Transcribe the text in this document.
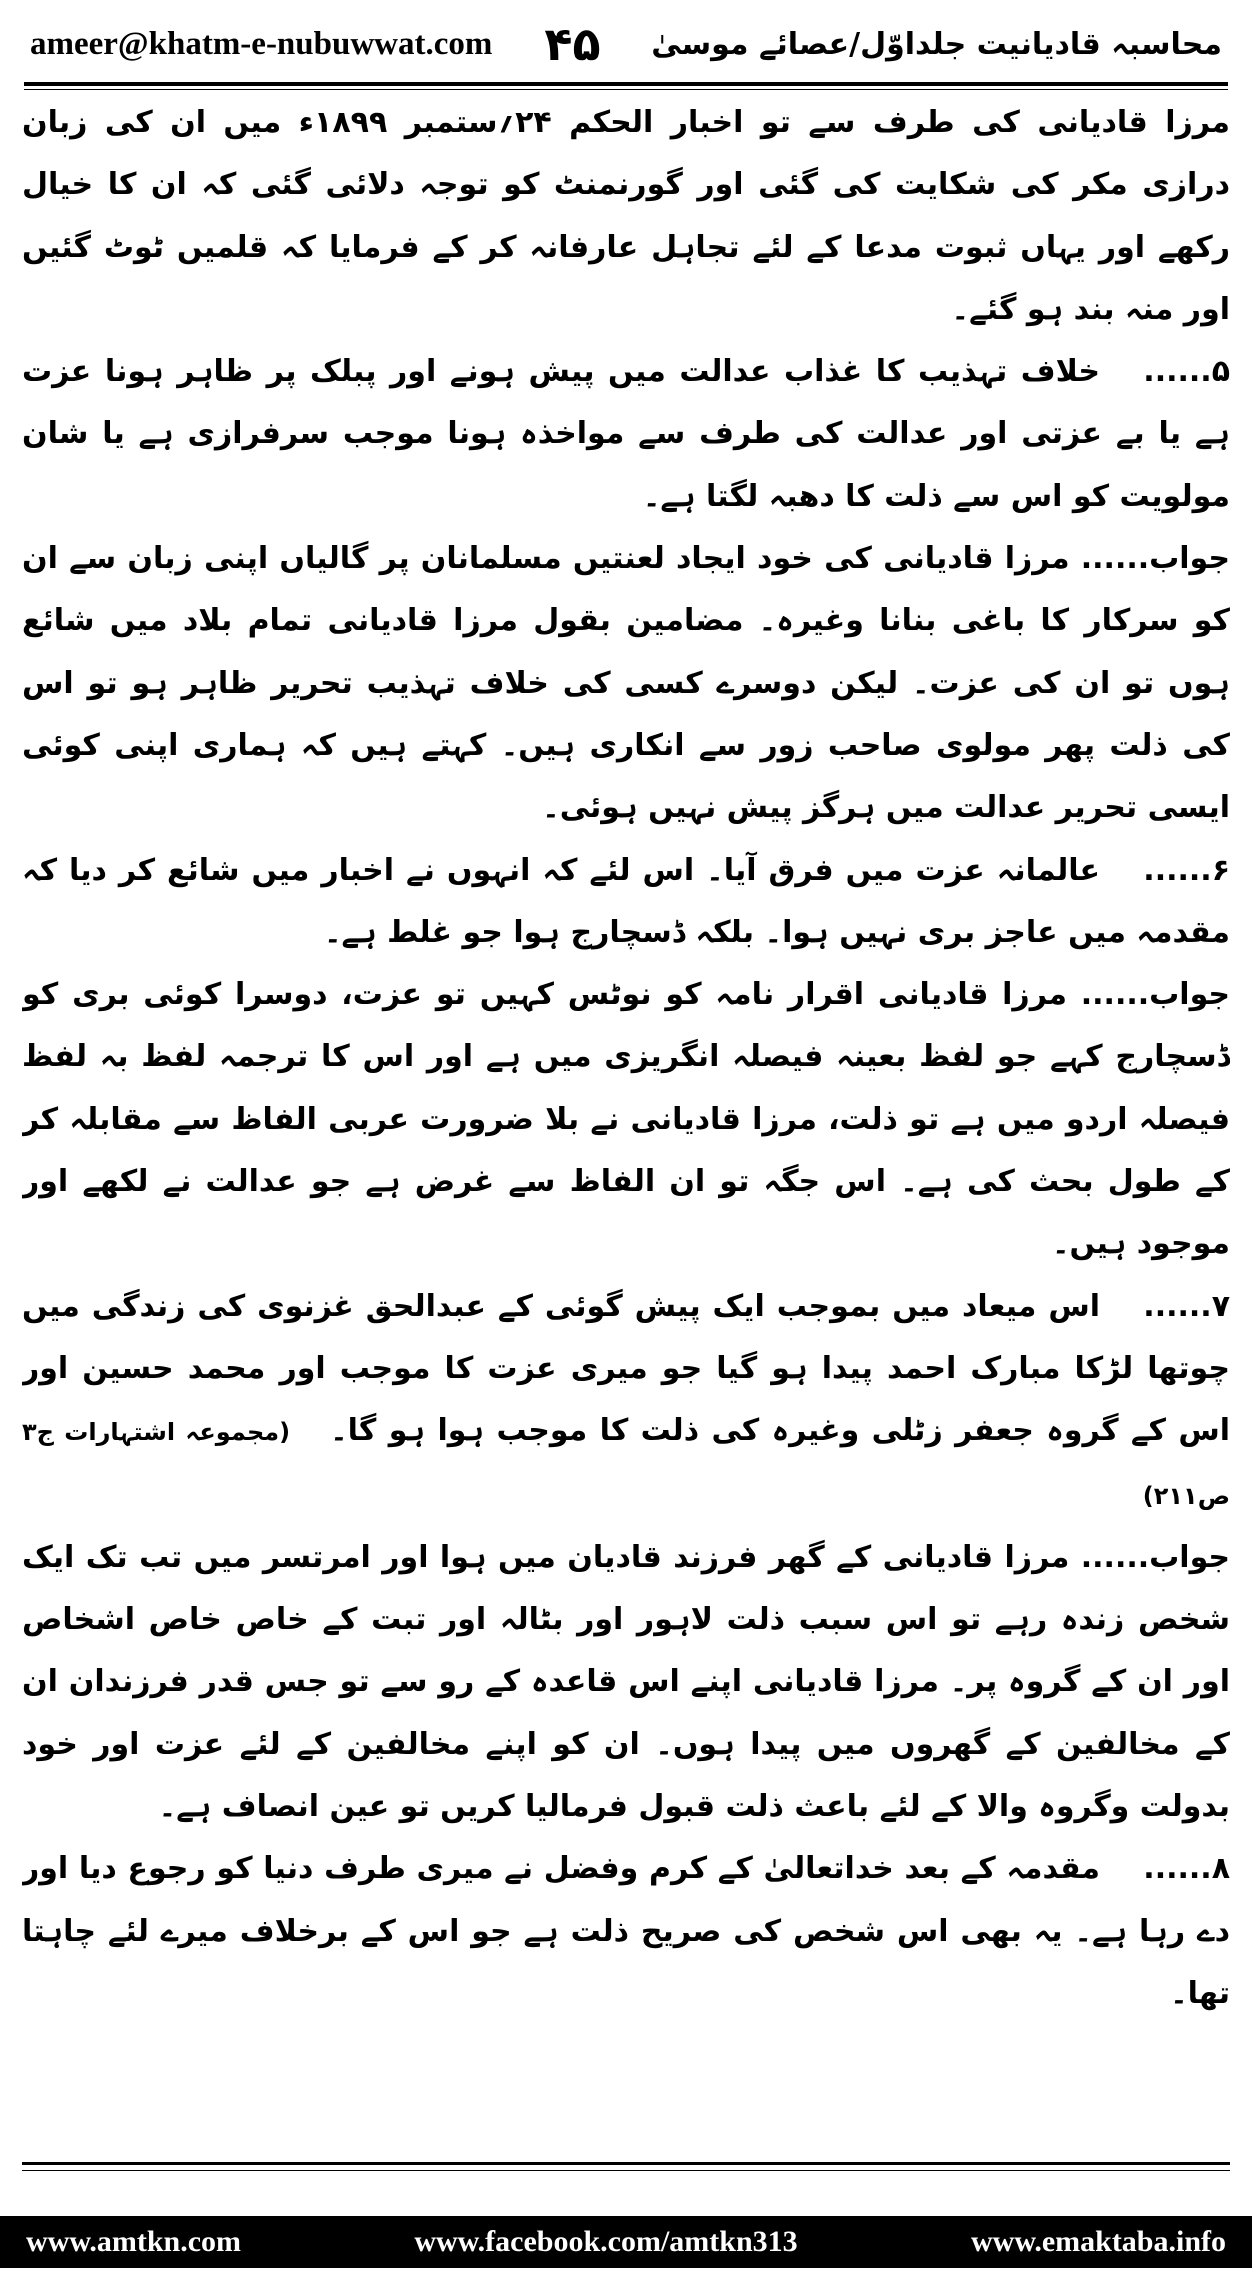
ameer@khatm-e-nubuwwat.com ۴۵ محاسبہ قادیانیت جلداوّل/عصائے موسیٰ

مرزا قادیانی کی طرف سے تو اخبار الحکم ۲۴؍ستمبر ۱۸۹۹ء میں ان کی زبان درازی مکر کی شکایت کی گئی اور گورنمنٹ کو توجہ دلائی گئی کہ ان کا خیال رکھے اور یہاں ثبوت مدعا کے لئے تجاہل عارفانہ کر کے فرمایا کہ قلمیں ٹوٹ گئیں اور منہ بند ہو گئے۔

۵......خلاف تہذیب کا غذاب عدالت میں پیش ہونے اور پبلک پر ظاہر ہونا عزت ہے یا بے عزتی اور عدالت کی طرف سے مواخذہ ہونا موجب سرفرازی ہے یا شان مولویت کو اس سے ذلت کا دھبہ لگتا ہے۔

جواب...... مرزا قادیانی کی خود ایجاد لعنتیں مسلمانان پر گالیاں اپنی زبان سے ان کو سرکار کا باغی بنانا وغیرہ۔ مضامین بقول مرزا قادیانی تمام بلاد میں شائع ہوں تو ان کی عزت۔ لیکن دوسرے کسی کی خلاف تہذیب تحریر ظاہر ہو تو اس کی ذلت پھر مولوی صاحب زور سے انکاری ہیں۔ کہتے ہیں کہ ہماری اپنی کوئی ایسی تحریر عدالت میں ہرگز پیش نہیں ہوئی۔

۶......عالمانہ عزت میں فرق آیا۔ اس لئے کہ انہوں نے اخبار میں شائع کر دیا کہ مقدمہ میں عاجز بری نہیں ہوا۔ بلکہ ڈسچارج ہوا جو غلط ہے۔

جواب...... مرزا قادیانی اقرار نامہ کو نوٹس کہیں تو عزت، دوسرا کوئی بری کو ڈسچارج کہے جو لفظ بعینہ فیصلہ انگریزی میں ہے اور اس کا ترجمہ لفظ بہ لفظ فیصلہ اردو میں ہے تو ذلت، مرزا قادیانی نے بلا ضرورت عربی الفاظ سے مقابلہ کر کے طول بحث کی ہے۔ اس جگہ تو ان الفاظ سے غرض ہے جو عدالت نے لکھے اور موجود ہیں۔

۷......اس میعاد میں بموجب ایک پیش گوئی کے عبدالحق غزنوی کی زندگی میں چوتھا لڑکا مبارک احمد پیدا ہو گیا جو میری عزت کا موجب اور محمد حسین اور اس کے گروہ جعفر زٹلی وغیرہ کی ذلت کا موجب ہوا ہو گا۔(مجموعہ اشتہارات ج۳ ص۲۱۱)

جواب...... مرزا قادیانی کے گھر فرزند قادیان میں ہوا اور امرتسر میں تب تک ایک شخص زندہ رہے تو اس سبب ذلت لاہور اور بٹالہ اور تبت کے خاص خاص اشخاص اور ان کے گروہ پر۔ مرزا قادیانی اپنے اس قاعدہ کے رو سے تو جس قدر فرزندان ان کے مخالفین کے گھروں میں پیدا ہوں۔ ان کو اپنے مخالفین کے لئے عزت اور خود بدولت وگروہ والا کے لئے باعث ذلت قبول فرمالیا کریں تو عین انصاف ہے۔

۸......مقدمہ کے بعد خداتعالیٰ کے کرم وفضل نے میری طرف دنیا کو رجوع دیا اور دے رہا ہے۔ یہ بھی اس شخص کی صریح ذلت ہے جو اس کے برخلاف میرے لئے چاہتا تھا۔

www.amtkn.com	www.facebook.com/amtkn313	www.emaktaba.info
